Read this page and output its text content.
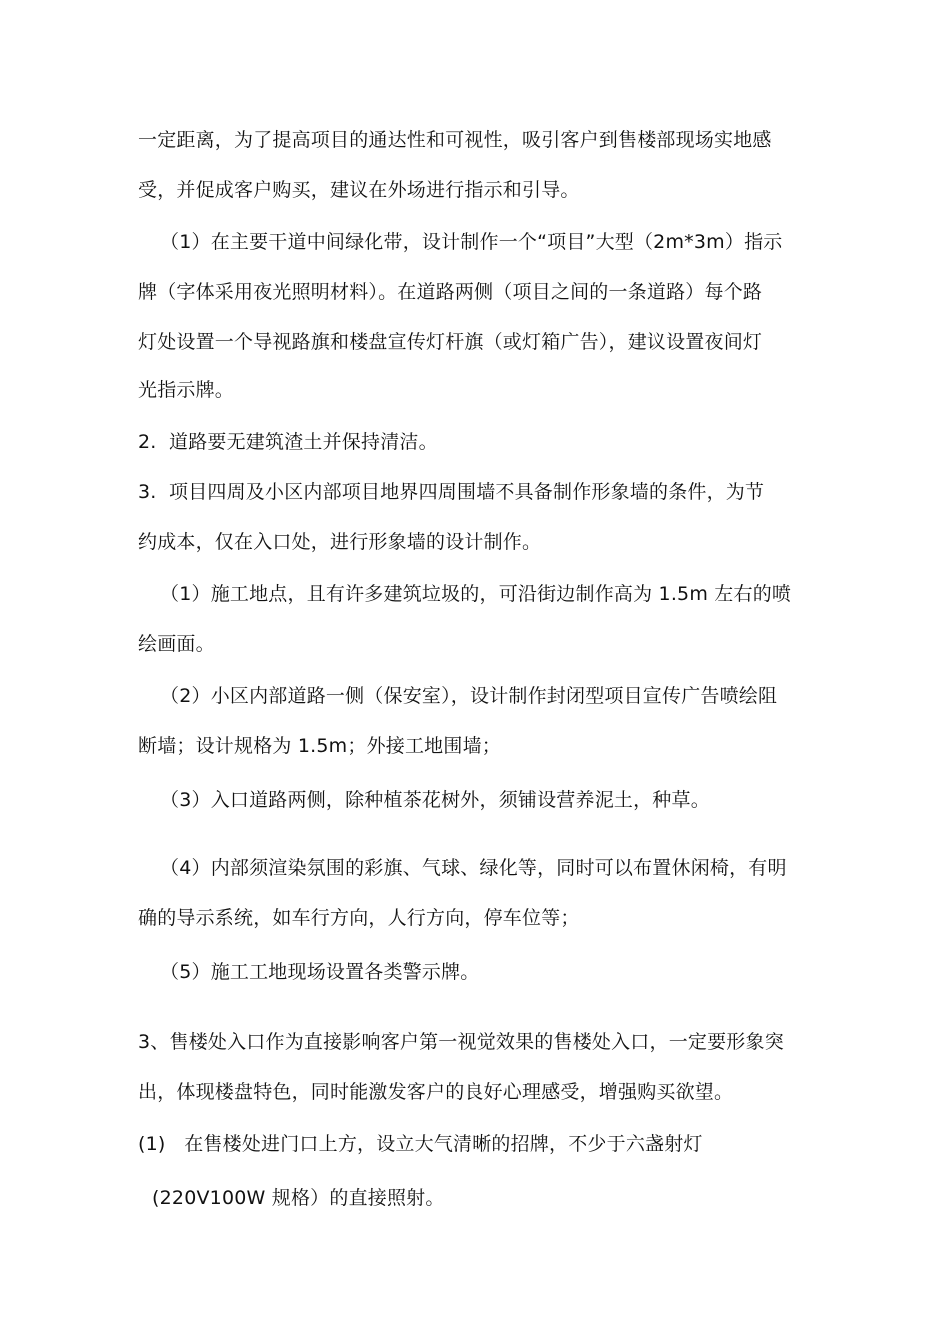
一定距离，为了提高项目的通达性和可视性，吸引客户到售楼部现场实地感
受，并促成客户购买，建议在外场进行指示和引导。
（1）在主要干道中间绿化带，设计制作一个“项目”大型（2m*3m）指示
牌（字体采用夜光照明材料）。在道路两侧（项目之间的一条道路）每个路
灯处设置一个导视路旗和楼盘宣传灯杆旗（或灯箱广告），建议设置夜间灯
光指示牌。
2.  道路要无建筑渣土并保持清洁。
3.  项目四周及小区内部项目地界四周围墙不具备制作形象墙的条件，为节
约成本，仅在入口处，进行形象墙的设计制作。
（1）施工地点，且有许多建筑垃圾的，可沿街边制作高为 1.5m 左右的喷
绘画面。
（2）小区内部道路一侧（保安室），设计制作封闭型项目宣传广告喷绘阻
断墙；设计规格为 1.5m；外接工地围墙；
（3）入口道路两侧，除种植茶花树外，须铺设营养泥土，种草。
（4）内部须渲染氛围的彩旗、气球、绿化等，同时可以布置休闲椅，有明
确的导示系统，如车行方向，人行方向，停车位等；
（5）施工工地现场设置各类警示牌。
3、售楼处入口作为直接影响客户第一视觉效果的售楼处入口，一定要形象突
出，体现楼盘特色，同时能激发客户的良好心理感受，增强购买欲望。
(1)   在售楼处进门口上方，设立大气清晰的招牌，不少于六盏射灯
(220V100W 规格）的直接照射。
